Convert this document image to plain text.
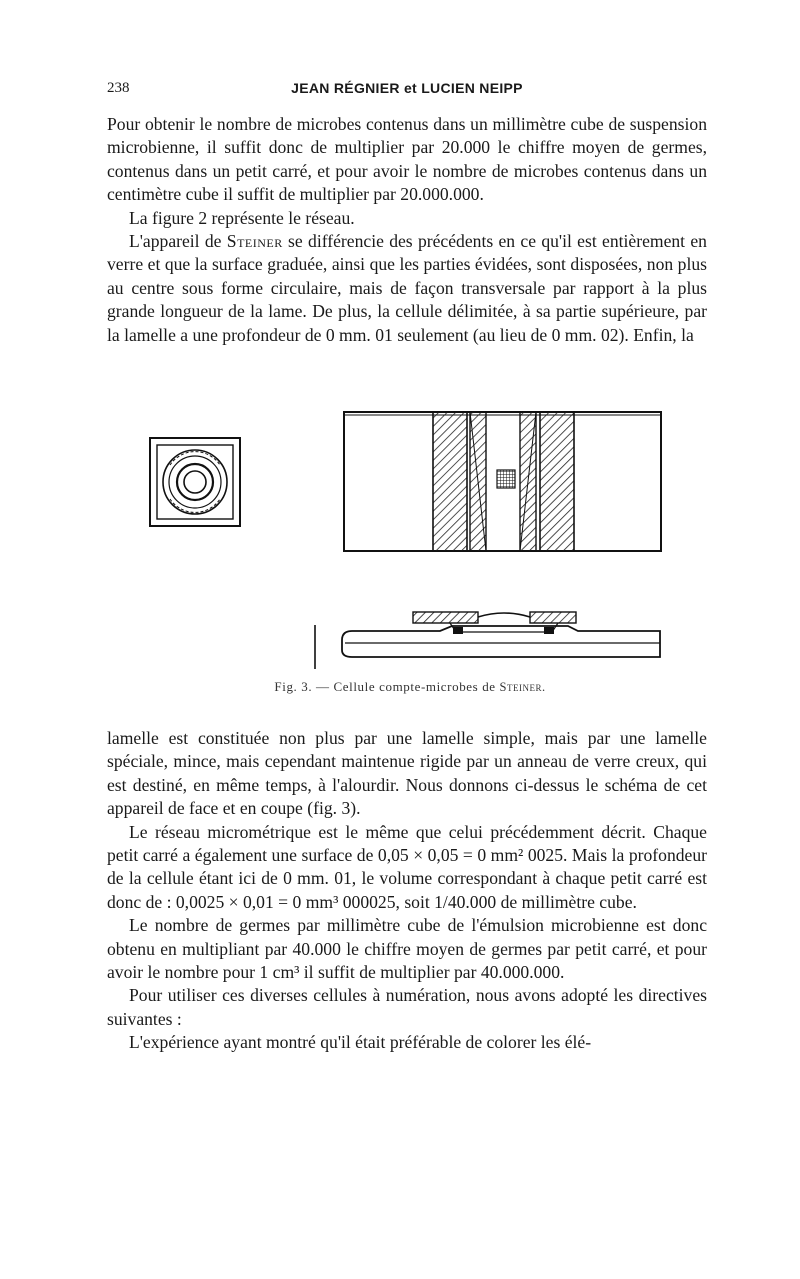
238	JEAN RÉGNIER et LUCIEN NEIPP

Pour obtenir le nombre de microbes contenus dans un millimètre cube de suspension microbienne, il suffit donc de multiplier par 20.000 le chiffre moyen de germes, contenus dans un petit carré, et pour avoir le nombre de microbes contenus dans un centimètre cube il suffit de multiplier par 20.000.000.

La figure 2 représente le réseau.

L'appareil de Steiner se différencie des précédents en ce qu'il est entièrement en verre et que la surface graduée, ainsi que les parties évidées, sont disposées, non plus au centre sous forme circulaire, mais de façon transversale par rapport à la plus grande longueur de la lame. De plus, la cellule délimitée, à sa partie supérieure, par la lamelle a une profondeur de 0 mm. 01 seulement (au lieu de 0 mm. 02). Enfin, la

Fig. 3. — Cellule compte-microbes de Steiner.

lamelle est constituée non plus par une lamelle simple, mais par une lamelle spéciale, mince, mais cependant maintenue rigide par un anneau de verre creux, qui est destiné, en même temps, à l'alourdir. Nous donnons ci-dessus le schéma de cet appareil de face et en coupe (fig. 3).

Le réseau micrométrique est le même que celui précédemment décrit. Chaque petit carré a également une surface de 0,05 × 0,05 = 0 mm² 0025. Mais la profondeur de la cellule étant ici de 0 mm. 01, le volume correspondant à chaque petit carré est donc de : 0,0025 × 0,01 = 0 mm³ 000025, soit 1/40.000 de millimètre cube.

Le nombre de germes par millimètre cube de l'émulsion microbienne est donc obtenu en multipliant par 40.000 le chiffre moyen de germes par petit carré, et pour avoir le nombre pour 1 cm³ il suffit de multiplier par 40.000.000.

Pour utiliser ces diverses cellules à numération, nous avons adopté les directives suivantes :

L'expérience ayant montré qu'il était préférable de colorer les élé-
